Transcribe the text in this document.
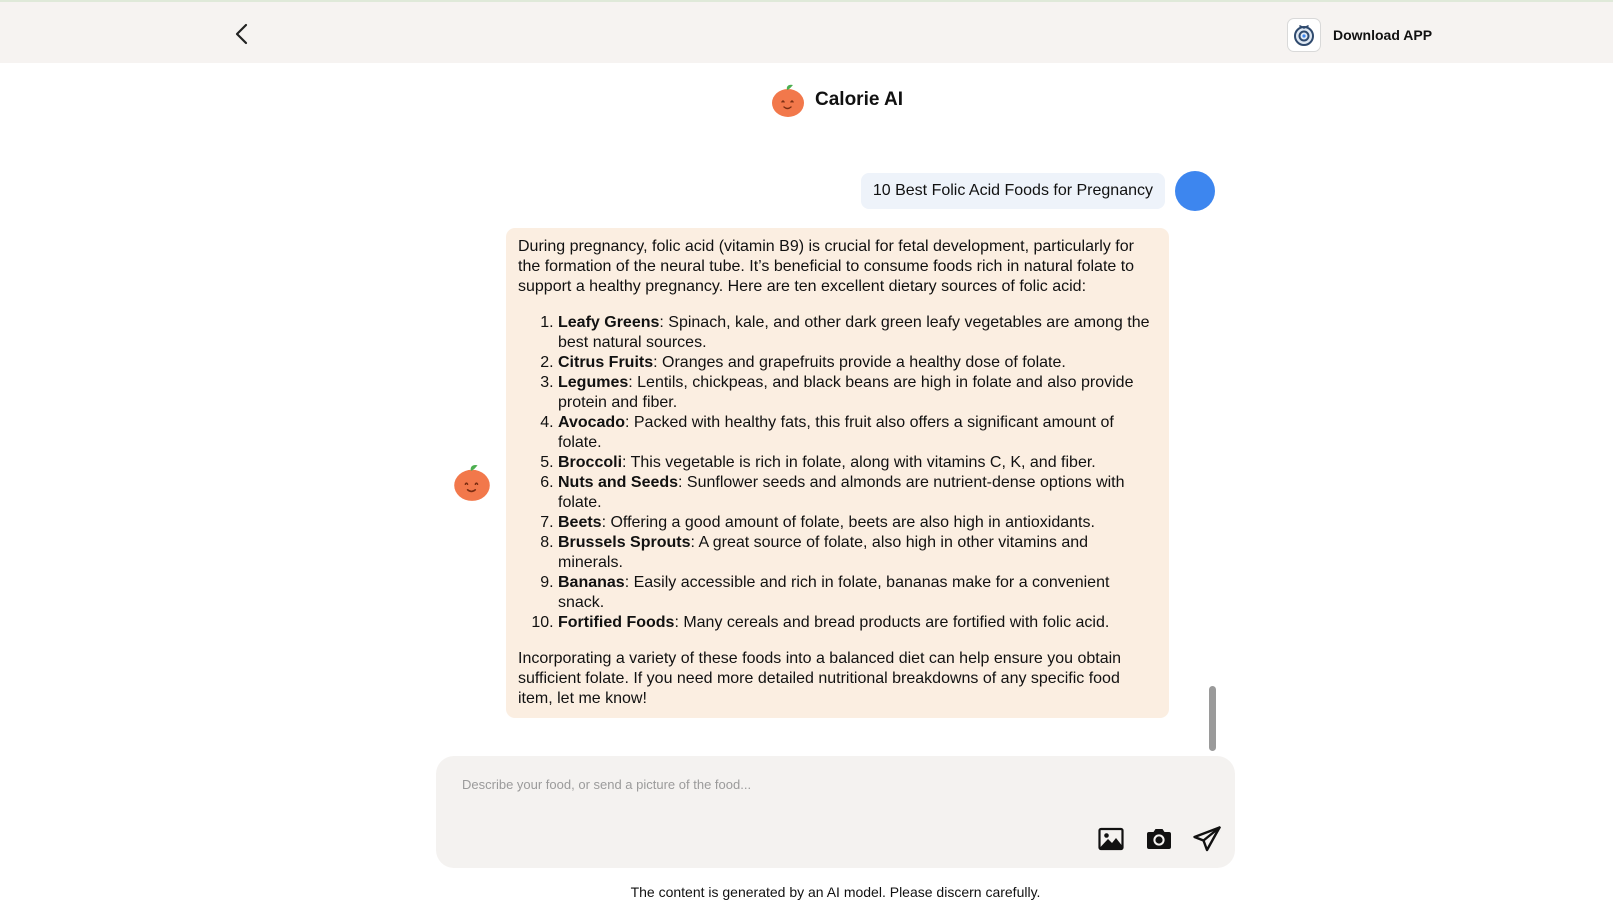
Download APP
Calorie AI
10 Best Folic Acid Foods for Pregnancy

During pregnancy, folic acid (vitamin B9) is crucial for fetal development, particularly for the formation of the neural tube. It’s beneficial to consume foods rich in natural folate to support a healthy pregnancy. Here are ten excellent dietary sources of folic acid:

1. Leafy Greens: Spinach, kale, and other dark green leafy vegetables are among the best natural sources.
2. Citrus Fruits: Oranges and grapefruits provide a healthy dose of folate.
3. Legumes: Lentils, chickpeas, and black beans are high in folate and also provide protein and fiber.
4. Avocado: Packed with healthy fats, this fruit also offers a significant amount of folate.
5. Broccoli: This vegetable is rich in folate, along with vitamins C, K, and fiber.
6. Nuts and Seeds: Sunflower seeds and almonds are nutrient-dense options with folate.
7. Beets: Offering a good amount of folate, beets are also high in antioxidants.
8. Brussels Sprouts: A great source of folate, also high in other vitamins and minerals.
9. Bananas: Easily accessible and rich in folate, bananas make for a convenient snack.
10. Fortified Foods: Many cereals and bread products are fortified with folic acid.

Incorporating a variety of these foods into a balanced diet can help ensure you obtain sufficient folate. If you need more detailed nutritional breakdowns of any specific food item, let me know!

Describe your food, or send a picture of the food...
The content is generated by an AI model. Please discern carefully.
